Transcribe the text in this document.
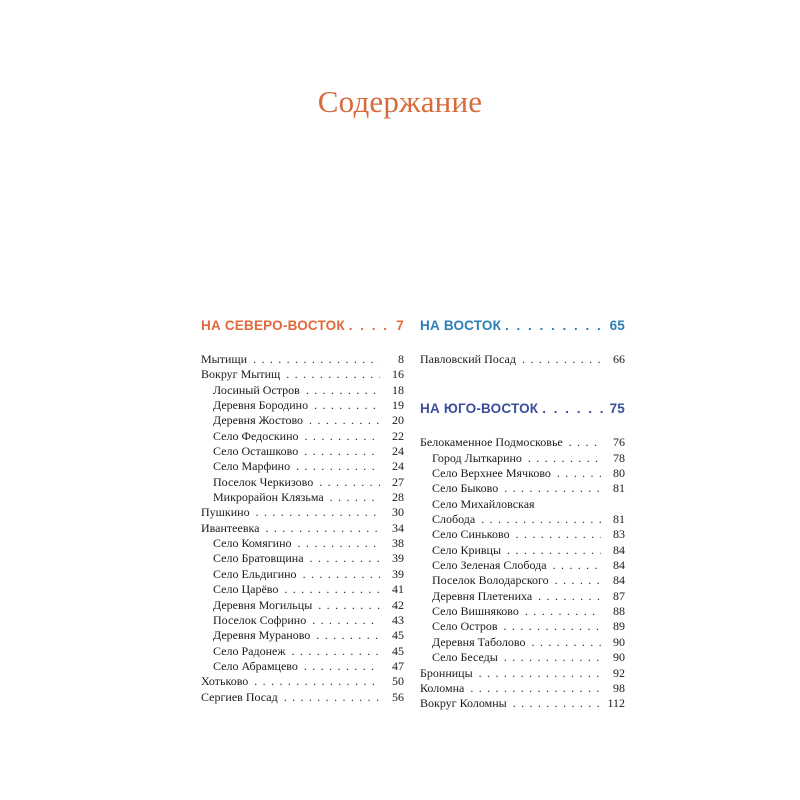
Содержание
НА СЕВЕРО-ВОСТОК . . .	7
Мытищи . . .	8
Вокруг Мытищ . . .	16
Лосиный Остров . . .	18
Деревня Бородино . . .	19
Деревня Жостово . . .	20
Село Федоскино . . .	22
Село Осташково . . .	24
Село Марфино . . .	24
Поселок Черкизово . . .	27
Микрорайон Клязьма . . .	28
Пушкино . . .	30
Ивантеевка . . .	34
Село Комягино . . .	38
Село Братовщина . . .	39
Село Ельдигино . . .	39
Село Царёво . . .	41
Деревня Могильцы . . .	42
Поселок Софрино . . .	43
Деревня Мураново . . .	45
Село Радонеж . . .	45
Село Абрамцево . . .	47
Хотьково . . .	50
Сергиев Посад . . .	56
НА ВОСТОК . . .	65
Павловский Посад . . .	66
НА ЮГО-ВОСТОК . . .	75
Белокаменное Подмосковье . . .	76
Город Лыткарино . . .	78
Село Верхнее Мячково . . .	80
Село Быково . . .	81
Село Михайловская
Слобода . . .	81
Село Синьково . . .	83
Село Кривцы . . .	84
Село Зеленая Слобода . . .	84
Поселок Володарского . . .	84
Деревня Плетениха . . .	87
Село Вишняково . . .	88
Село Остров . . .	89
Деревня Таболово . . .	90
Село Беседы . . .	90
Бронницы . . .	92
Коломна . . .	98
Вокруг Коломны . . .	112
